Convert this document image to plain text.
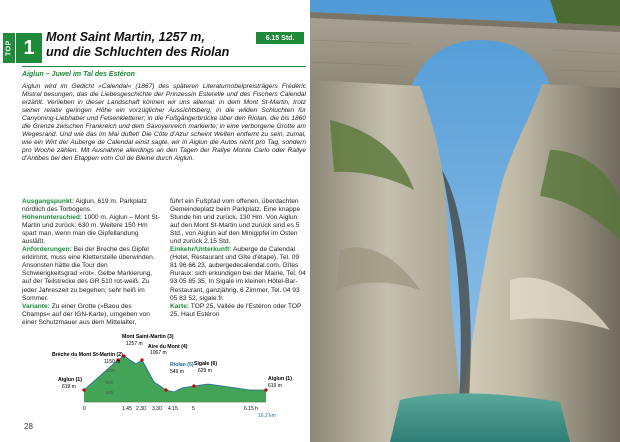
TOP 1 Mont Saint Martin, 1257 m,
und die Schluchten des Riolan
6.15 Std.
Aiglun – Juwel im Tal des Estéron
Aiglun wird im Gedicht »Calendal« (1867) des späteren Literaturnobelpreisträgers Frédéric Mistral besungen, das die Liebesgeschichte der Prinzessin Esterelle und des Fischers Calendal erzählt. Verlieben in dieser Landschaft können wir uns allemal: in dem Mont St-Martin, trotz seiner relativ geringen Höhe ein vorzüglicher Aussichtsberg; in die wilden Schluchten für Canyoning-Liebhaber und Felsenkletterer; in die Fußgängerbrücke über den Riolan, die bis 1860 die Grenze zwischen Frankreich und dem Savoyenreich markierte; in eine verborgene Grotte am Wegesrand. Und wie das im Mai duftet! Die Côte d'Azur scheint Welten entfernt zu sein, zumal, wie ein Wirt der Auberge de Calendal einst sagte, wir in Aiglun die Autos nicht pro Tag, sondern pro Woche zählen. Mit Ausnahme allerdings an den Tagen der Rallye Monte Carlo oder Rallye d'Antibes bei den Etappen vom Col de Bleine durch Aiglun.

Ausgangspunkt: Aiglun, 619 m. Parkplatz nördlich des Torbogens.

Höhenunterschied: 1000 m. Aiglun – Mont St-Martin und zurück: 630 m. Weitere 150 Hm spart man, wenn man die Gipfellandung ausläßt.

Anforderungen: Bei der Breche des Gipfel erklimmt, muss eine Kletterstelle überwinden. Ansonsten hätte die Tour den Schwierigkeitsgrad »rot«. Gelbe Markierung, auf der Teilstrecke des GR 510 rot-weiß. Zu jeder Jahreszeit zu begehen; sehr heiß im Sommer.

Variante: Zu einer Grotte (»Baou des Champs« auf der IGN-Karte), umgeben von einer Schutzmauer aus dem Mittelalter,

führt ein Fußpfad vom offenen, überdachten Gemeindeplatz beim Parkplatz. Eine knappe Stunde hin und zurück, 130 Hm. Von Aiglun auf den Mont St-Martin und zurück sind es 5 Std., von Aiglun auf den Minigipfel im Osten und zurück 2.15 Std.

Einkehr/Unterkunft: Auberge de Calendal (Hotel, Restaurant und Gîte d'étape), Tel. 09 81 96 66 23, aubergedecalendal.com. Gîtes Ruraux: sich erkundigen bei der Mairie, Tel. 04 93 05 85 35. In Sigale im kleinen Hôtel-Bar-Restaurant, ganzjährig, 6 Zimmer, Tel. 04 93 05 83 52, sigale.fr.

Karte: TOP 25, Vallée de l'Estéron oder TOP 25, Haut Estéron

Mont Saint-Martin (3)
1257 m Aire du Mont (4)
1067 m
Brèche du Mont St-Martin (2)
1150 m	Riolan (5)
549 m
Sigale (6)
629 m
Aiglun (1)
619 m
Aiglun (1)
619 m
1200
800
500
0	1.45 2.30 3.30 4.15	5	6.15 h
16.2 km
28
